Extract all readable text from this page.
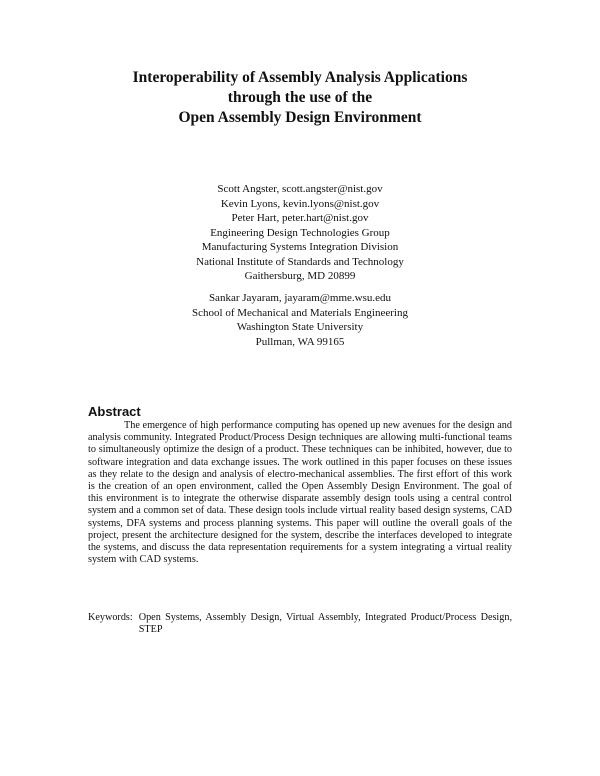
Interoperability of Assembly Analysis Applications
through the use of the
Open Assembly Design Environment
Scott Angster, scott.angster@nist.gov
Kevin Lyons, kevin.lyons@nist.gov
Peter Hart, peter.hart@nist.gov
Engineering Design Technologies Group
Manufacturing Systems Integration Division
National Institute of Standards and Technology
Gaithersburg, MD 20899
Sankar Jayaram, jayaram@mme.wsu.edu
School of Mechanical and Materials Engineering
Washington State University
Pullman, WA 99165
Abstract

The emergence of high performance computing has opened up new avenues for the design and analysis community. Integrated Product/Process Design techniques are allowing multi-functional teams to simultaneously optimize the design of a product. These techniques can be inhibited, however, due to software integration and data exchange issues. The work outlined in this paper focuses on these issues as they relate to the design and analysis of electro-mechanical assemblies. The first effort of this work is the creation of an open environment, called the Open Assembly Design Environment. The goal of this environment is to integrate the otherwise disparate assembly design tools using a central control system and a common set of data. These design tools include virtual reality based design systems, CAD systems, DFA systems and process planning systems. This paper will outline the overall goals of the project, present the architecture designed for the system, describe the interfaces developed to integrate the systems, and discuss the data representation requirements for a system integrating a virtual reality system with CAD systems.

Keywords: Open Systems, Assembly Design, Virtual Assembly, Integrated Product/Process Design, STEP
